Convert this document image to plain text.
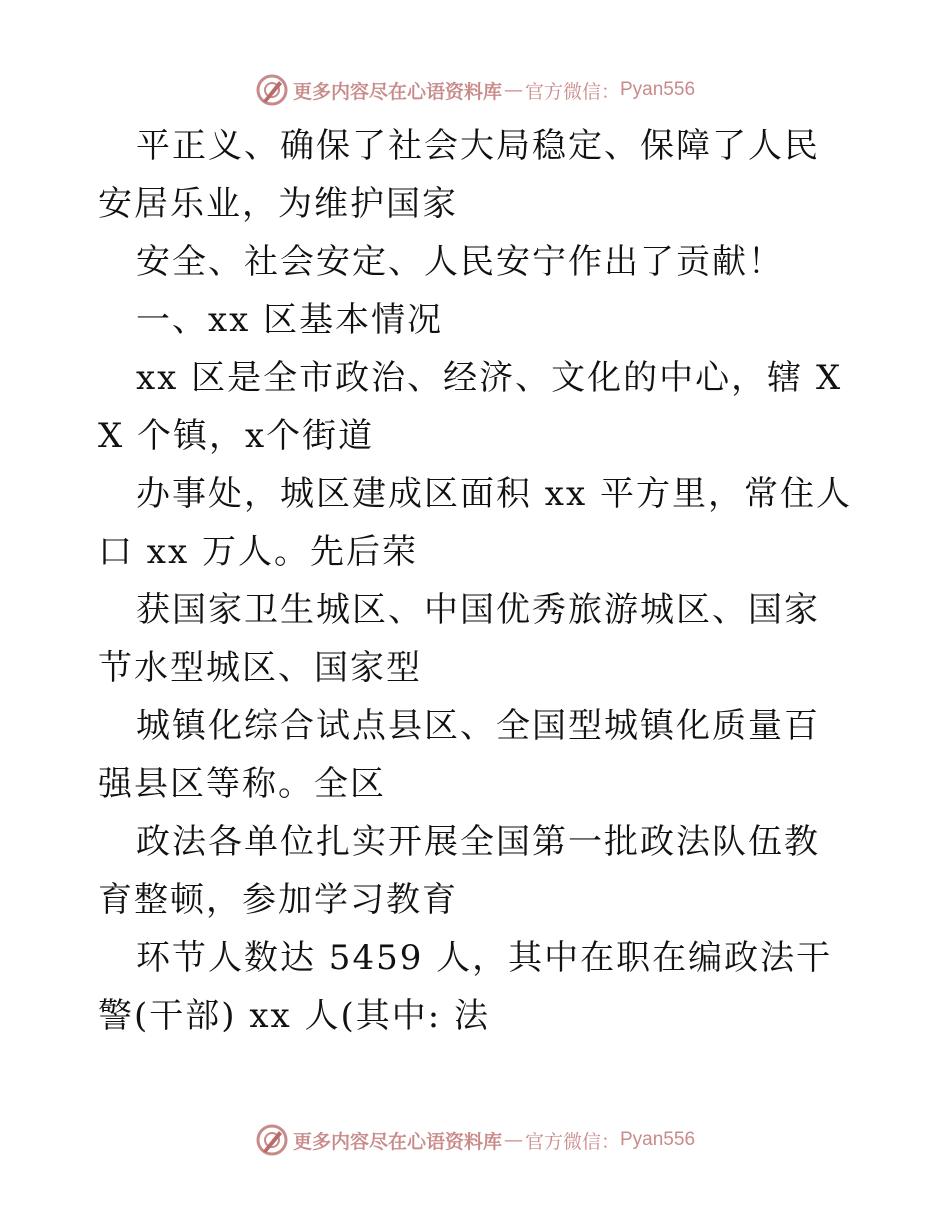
更多内容尽在心语资料库 — 官方微信： Pyan556

平正义、确保了社会大局稳定、保障了人民安居乐业，为维护国家

安全、社会安定、人民安宁作出了贡献！

一、xx 区基本情况

xx 区是全市政治、经济、文化的中心，辖 XX 个镇，x个街道

办事处，城区建成区面积 xx 平方里，常住人口 xx 万人。先后荣

获国家卫生城区、中国优秀旅游城区、国家节水型城区、国家型

城镇化综合试点县区、全国型城镇化质量百强县区等称。全区

政法各单位扎实开展全国第一批政法队伍教育整顿，参加学习教育

环节人数达 5459 人，其中在职在编政法干警(干部) xx 人(其中: 法

更多内容尽在心语资料库 — 官方微信： Pyan556
